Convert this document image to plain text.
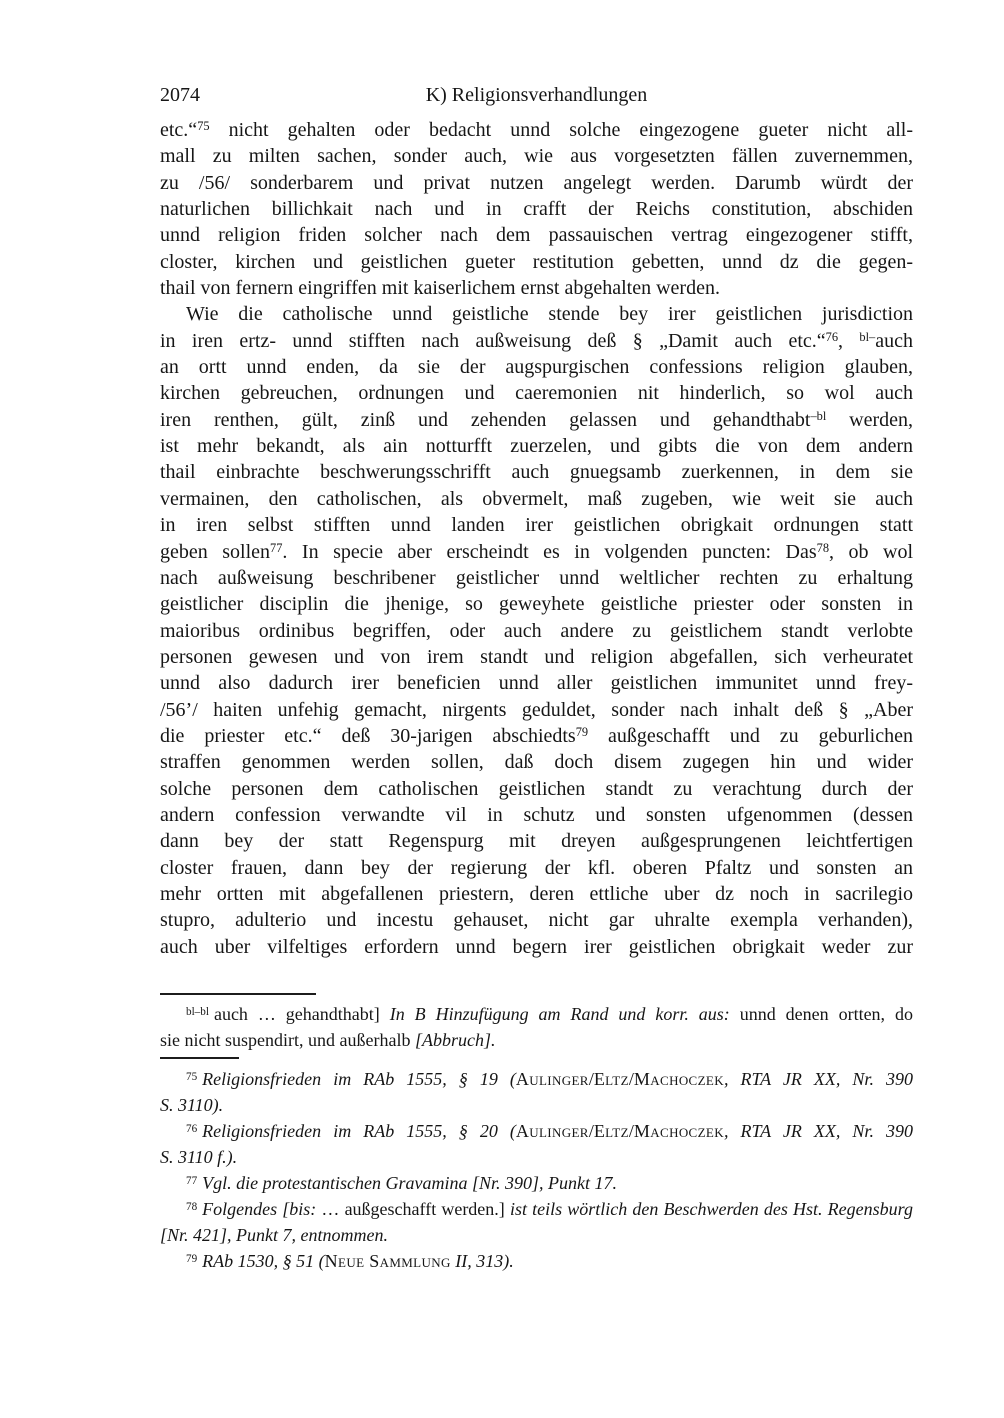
2074	K) Religionsverhandlungen
etc.“$^{75}$ nicht gehalten oder bedacht unnd solche eingezogene gueter nicht all-
mall zu milten sachen, sonder auch, wie aus vorgesetzten fällen zuvernemmen,
zu /56/ sonderbarem und privat nutzen angelegt werden. Darumb würdt der
naturlichen billichkait nach und in crafft der Reichs constitution, abschiden
unnd religion friden solcher nach dem passauischen vertrag eingezogener stifft,
closter, kirchen und geistlichen gueter restitution gebetten, unnd dz die gegen-
thail von fernern eingriffen mit kaiserlichem ernst abgehalten werden.
Wie die catholische unnd geistliche stende bey irer geistlichen jurisdiction
in iren ertz- unnd stifften nach außweisung deß § „Damit auch etc.“$^{76}$, $^{bl-}$auch
an ortt unnd enden, da sie der augspurgischen confessions religion glauben,
kirchen gebreuchen, ordnungen und caeremonien nit hinderlich, so wol auch
iren renthen, gült, zinß und zehenden gelassen und gehandthabt$^{-bl}$ werden,
ist mehr bekandt, als ain notturfft zuerzelen, und gibts die von dem andern
thail einbrachte beschwerungsschrifft auch gnuegsamb zuerkennen, in dem sie
vermainen, den catholischen, als obvermelt, maß zugeben, wie weit sie auch
in iren selbst stifften unnd landen irer geistlichen obrigkait ordnungen statt
geben sollen$^{77}$. In specie aber erscheindt es in volgenden puncten: Das$^{78}$, ob wol
nach außweisung beschribener geistlicher unnd weltlicher rechten zu erhaltung
geistlicher disciplin die jhenige, so geweyhete geistliche priester oder sonsten in
maioribus ordinibus begriffen, oder auch andere zu geistlichem standt verlobte
personen gewesen und von irem standt und religion abgefallen, sich verheuratet
unnd also dadurch irer beneficien unnd aller geistlichen immunitet unnd frey-
/56’/ haiten unfehig gemacht, nirgents geduldet, sonder nach inhalt deß § „Aber
die priester etc.“ deß 30-jarigen abschiedts$^{79}$ außgeschafft und zu geburlichen
straffen genommen werden sollen, daß doch disem zugegen hin und wider
solche personen dem catholischen geistlichen standt zu verachtung durch der
andern confession verwandte vil in schutz und sonsten ufgenommen (dessen
dann bey der statt Regenspurg mit dreyen außgesprungenen leichtfertigen
closter frauen, dann bey der regierung der kfl. oberen Pfaltz und sonsten an
mehr ortten mit abgefallenen priestern, deren ettliche uber dz noch in sacrilegio
stupro, adulterio und incestu gehauset, nicht gar uhralte exempla verhanden),
auch uber vilfeltiges erfordern unnd begern irer geistlichen obrigkait weder zur
$^{bl-bl}$ auch … gehandthabt] In B Hinzufügung am Rand und korr. aus: unnd denen ortten, do
sie nicht suspendirt, und außerhalb [Abbruch].
$^{75}$ Religionsfrieden im RAb 1555, § 19 (Aulinger/Eltz/Machoczek, RTA JR XX, Nr. 390
S. 3110).
$^{76}$ Religionsfrieden im RAb 1555, § 20 (Aulinger/Eltz/Machoczek, RTA JR XX, Nr. 390
S. 3110 f.).
$^{77}$ Vgl. die protestantischen Gravamina [Nr. 390], Punkt 17.
$^{78}$ Folgendes [bis: … außgeschafft werden.] ist teils wörtlich den Beschwerden des Hst. Regensburg
[Nr. 421], Punkt 7, entnommen.
$^{79}$ RAb 1530, § 51 (Neue Sammlung II, 313).
